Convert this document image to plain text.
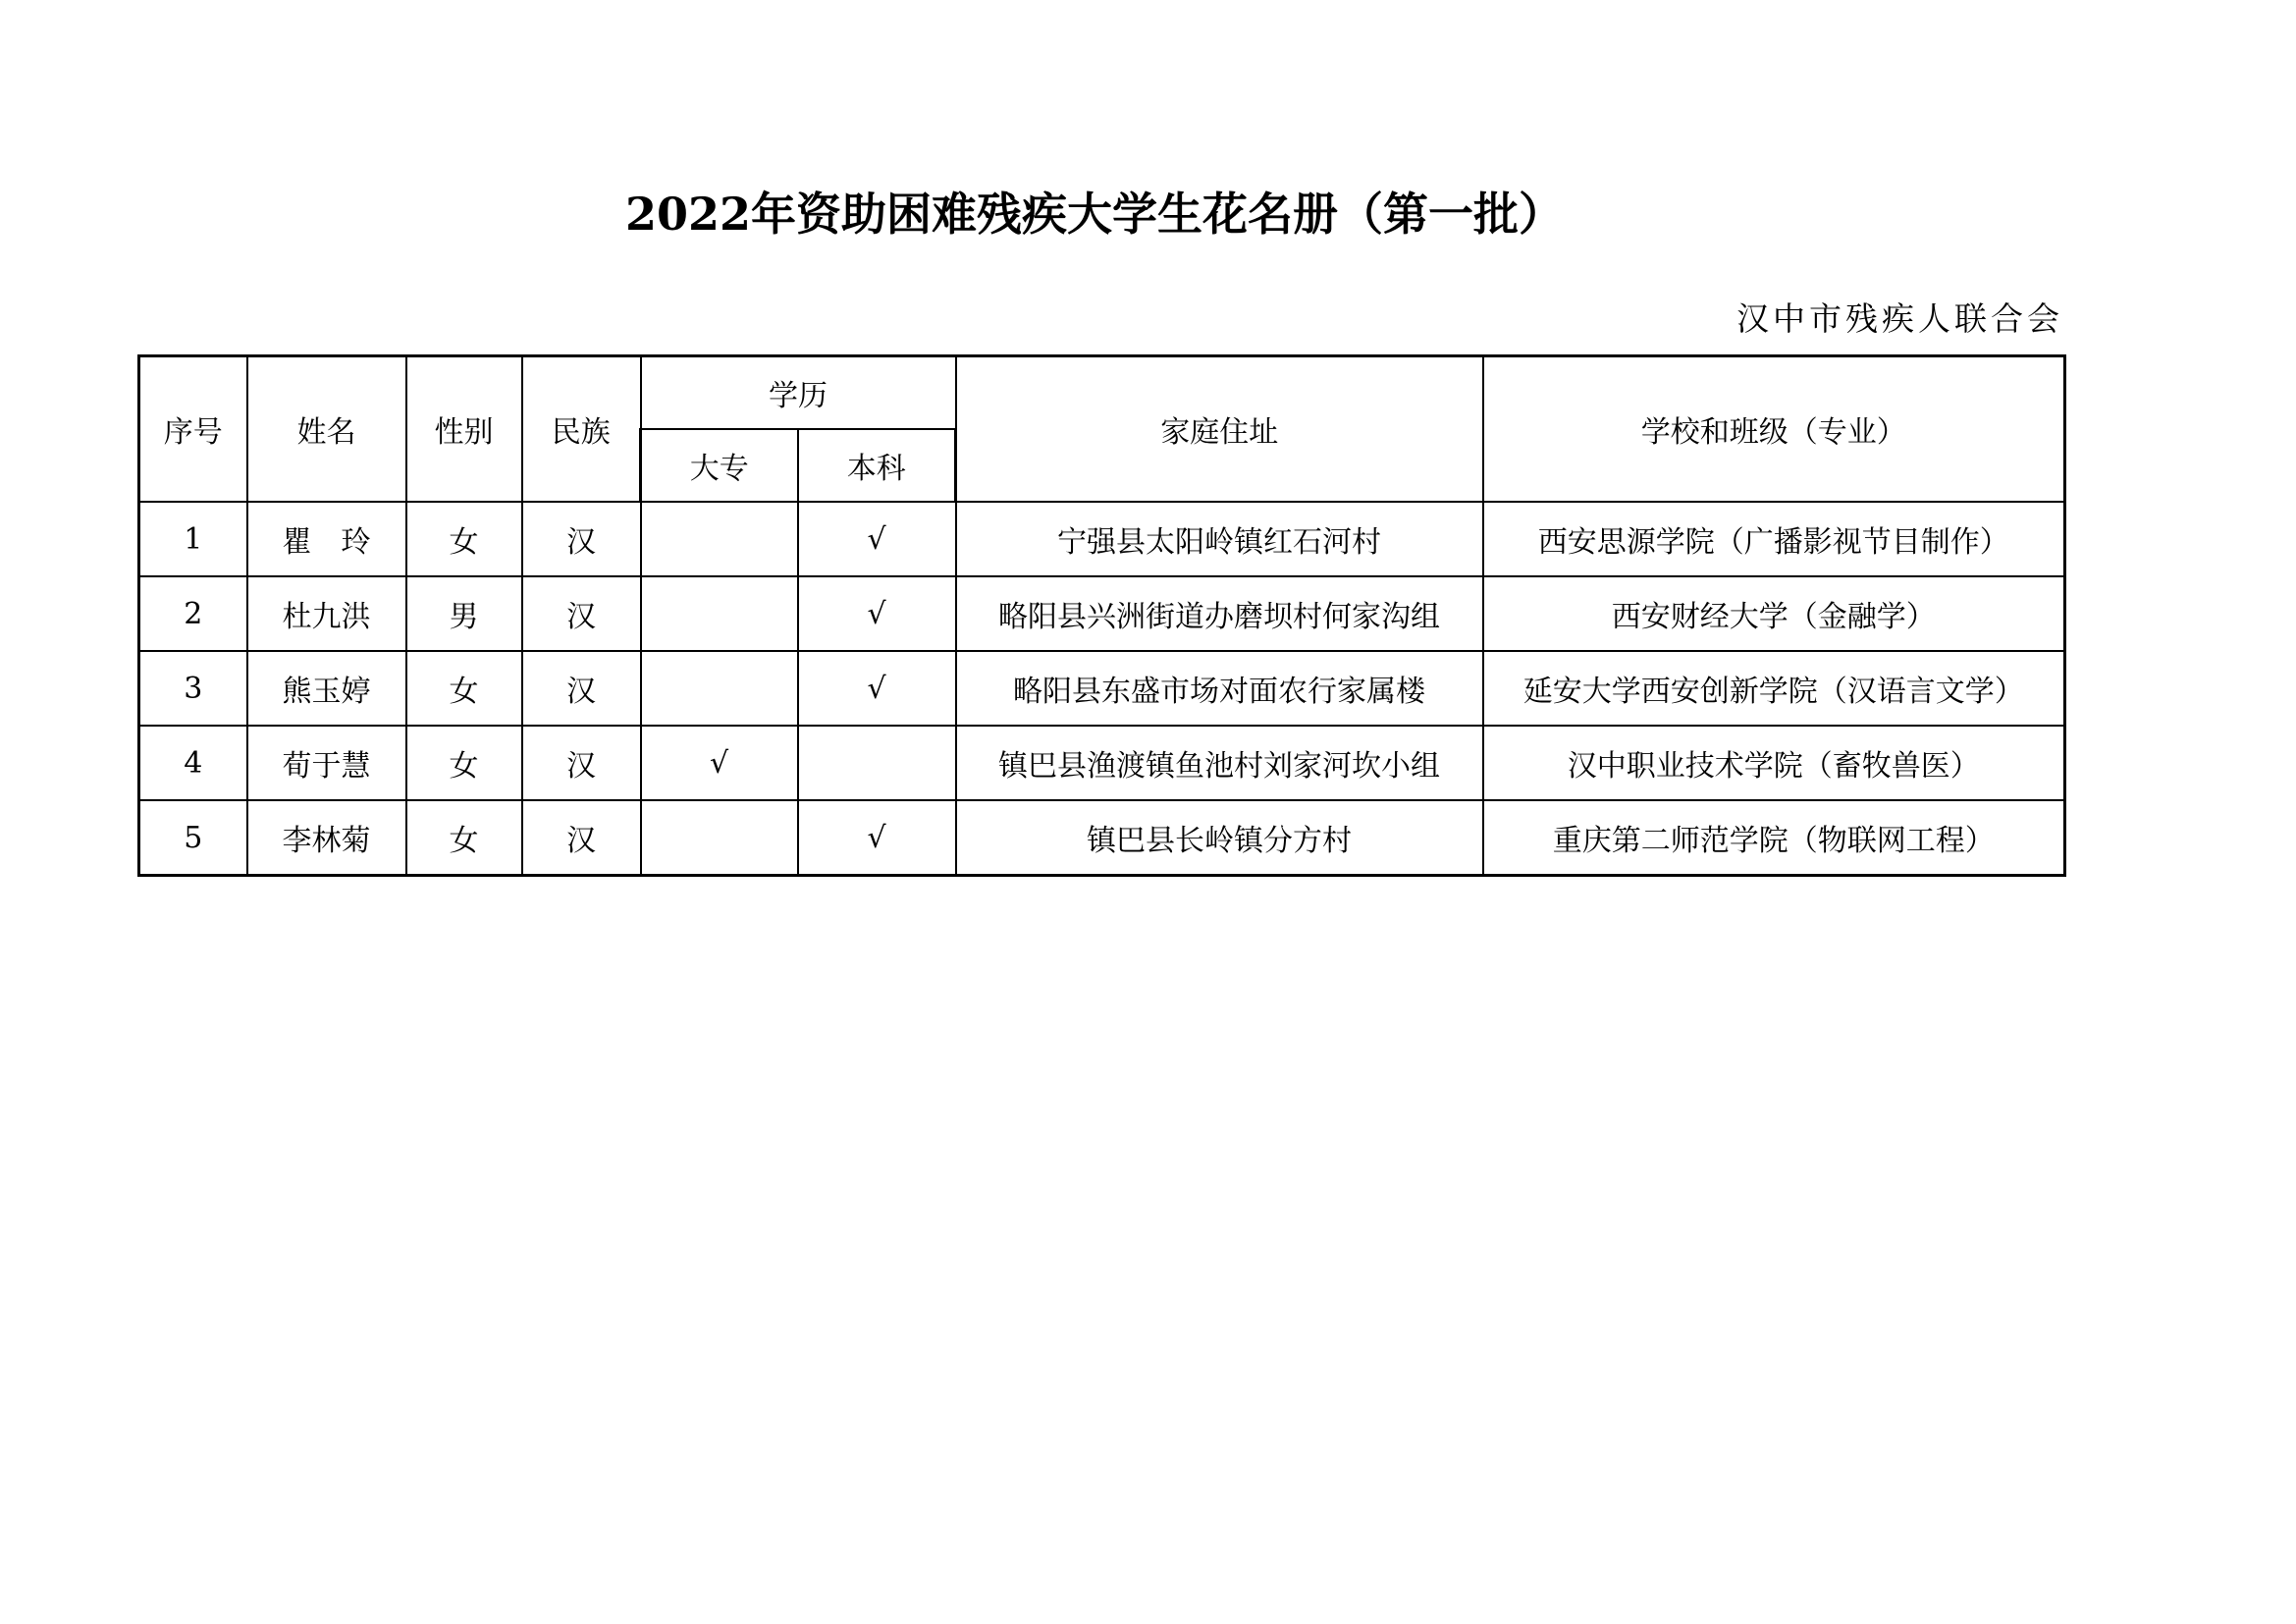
2022年资助困难残疾大学生花名册（第一批）
汉中市残疾人联合会
序号	姓名	性别	民族	学历		家庭住址	学校和班级（专业）
				大专	本科		
1	瞿　玲	女	汉		√	宁强县太阳岭镇红石河村	西安思源学院（广播影视节目制作）
2	杜九洪	男	汉		√	略阳县兴洲街道办磨坝村何家沟组	西安财经大学（金融学）
3	熊玉婷	女	汉		√	略阳县东盛市场对面农行家属楼	延安大学西安创新学院（汉语言文学）
4	荀于慧	女	汉	√		镇巴县渔渡镇鱼池村刘家河坎小组	汉中职业技术学院（畜牧兽医）
5	李林菊	女	汉		√	镇巴县长岭镇分方村	重庆第二师范学院（物联网工程）
